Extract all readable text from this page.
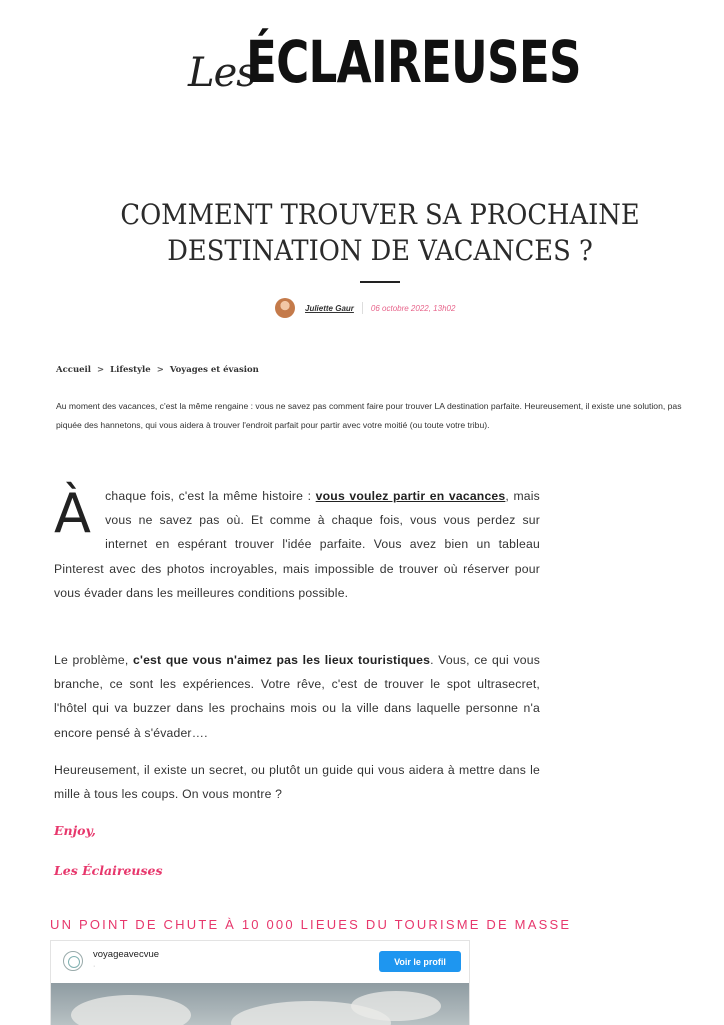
LesÉCLAIREUSES
COMMENT TROUVER SA PROCHAINE
DESTINATION DE VACANCES ?
Juliette Gaur 06 octobre 2022, 13h02
Accueil > Lifestyle > Voyages et évasion
Au moment des vacances, c'est la même rengaine : vous ne savez pas comment faire pour trouver LA destination parfaite. Heureusement, il existe une solution, pas piquée des hannetons, qui vous aidera à trouver l'endroit parfait pour partir avec votre moitié (ou toute votre tribu).
À chaque fois, c'est la même histoire : vous voulez partir en vacances, mais vous ne savez pas où. Et comme à chaque fois, vous vous perdez sur internet en espérant trouver l'idée parfaite. Vous avez bien un tableau Pinterest avec des photos incroyables, mais impossible de trouver où réserver pour vous évader dans les meilleures conditions possible.
Le problème, c'est que vous n'aimez pas les lieux touristiques. Vous, ce qui vous branche, ce sont les expériences. Votre rêve, c'est de trouver le spot ultrasecret, l'hôtel qui va buzzer dans les prochains mois ou la ville dans laquelle personne n'a encore pensé à s'évader….
Heureusement, il existe un secret, ou plutôt un guide qui vous aidera à mettre dans le mille à tous les coups. On vous montre ?
Enjoy,
Les Éclaireuses
UN POINT DE CHUTE À 10 000 LIEUES DU TOURISME DE MASSE
voyageavecvue
·	Voir le profil
